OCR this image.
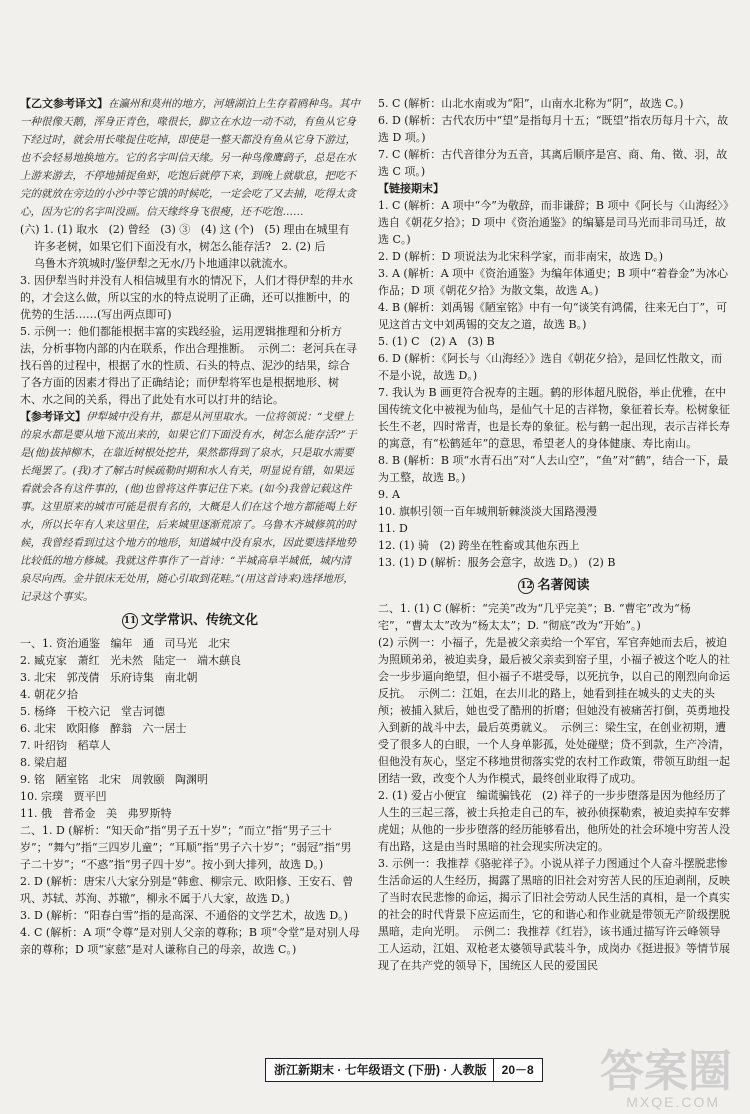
【乙文参考译文】在瀛州和莫州的地方，河塘湖泊上生存着鸥种鸟。其中一种很像天鹅，浑身正青色，喙很长，脚立在水边一动不动，有鱼从它身下经过时，就会用长喙捉住吃掉，即使是一整天都没有鱼从它身下游过，也不会轻易地换地方。它的名字叫信天缘。另一种鸟像鹰鹞子，总是在水上游来游去，不停地捕捉鱼虾，吃饱后就停下来，到晚上就歇息，把吃不完的就放在旁边的小沙中等它饿的时候吃，一定会吃了又去捕，吃得太贪心，因为它的名字叫没画。信天缘终身飞很瘦，还不吃饱……

(六) 1. (1) 取水   (2) 曾经   (3) ③   (4) 这 (个)   (5) 理由在城里有

许多老树，如果它们下面没有水，树怎么能存活?   2. (2) 后

乌鲁木齐筑城时/鉴伊犁之无水/乃卜地通津以就流水。

3. 因伊犁当时并没有人相信城里有水的情况下，人们才得伊犁的井水的，才会这么做，所以宝的水的特点说明了正确，还可以推断中，的优势的生活……(写出两点即可)

5. 示例一：他们都能根据丰富的实践经验，运用逻辑推理和分析方法，分析事物内部的内在联系，作出合理推断。  示例二：老河兵在寻找石兽的过程中，根据了水的性质、石头的特点、泥沙的结果，综合了各方面的因素才得出了正确结论；而伊犁将军也是根据地形、树木、水之间的关系，得出了此处有水可以打井的结论。

【参考译文】伊犁城中没有井，都是从河里取水。一位将领说：“戈壁上的泉水都是要从地下流出来的，如果它们下面没有水，树怎么能存活?”于是(他)拔掉柳木，在靠近树根处挖井，果然都得到了泉水，只是取水需要长绳罢了。(我)才了解古时候疏勒时期和水人有关，明显说有错，如果远看就会各有这件事的，(他)也曾将这件事记住下来。(如今)我曾记载这件事。这里原来的城市可能是很有名的，大概是人们在这个地方都能喝上好水，所以长年有人来这里住，后来城里逐渐荒凉了。乌鲁木齐城修筑的时候，我曾经看到过这个地方的地形，知道城中没有泉水，因此要选择地势比较低的地方修城。我就这件事作了一首诗：“半城高阜半城低，城内清泉尽向西。金井银床无处用，随心引取到花畦。”(用这首诗来)选择地形，记录这个事实。

11 文学常识、传统文化

一、1. 资治通鉴   编年   通   司马光   北宋

2. 臧克家   萧红   光未然   陆定一   端木蕻良

3. 北宋   郭茂倩   乐府诗集   南北朝

4. 朝花夕拾

5. 杨绛   干校六记   堂吉诃德

6. 北宋   欧阳修   醉翁   六一居士

7. 叶绍钧   稻草人

8. 梁启超

9. 铭   陋室铭   北宋   周敦颐   陶渊明

10. 宗璞   贾平凹

11. 俄   普希金   美   弗罗斯特

二、1. D (解析：“知天命”指“男子五十岁”；“而立”指“男子三十岁”；“舞勺”指“三四岁儿童”；“耳顺”指“男子六十岁”；“弱冠”指“男子二十岁”；“不惑”指“男子四十岁”。按小到大排列，故选 D。)

2. D (解析：唐宋八大家分别是“韩愈、柳宗元、欧阳修、王安石、曾巩、苏轼、苏洵、苏辙”，柳永不属于八大家，故选 D。)

3. D (解析：“阳春白雪”指的是高深、不通俗的文学艺术，故选 D。)

4. C (解析：A 项“令尊”是对别人父亲的尊称；B 项“令堂”是对别人母亲的尊称；D 项“家慈”是对人谦称自己的母亲，故选 C。)

5. C (解析：山北水南或为“阳”，山南水北称为“阴”，故选 C。)

6. D (解析：古代农历中“望”是指每月十五；“既望”指农历每月十六，故选 D 项。)

7. C (解析：古代音律分为五音，其离后顺序是宫、商、角、徵、羽，故选 C 项。)

【链接期末】

1. C (解析：A 项中“今”为敬辞，而非谦辞；B 项中《阿长与〈山海经〉》选自《朝花夕拾》；D 项中《资治通鉴》的编纂是司马光而非司马迁，故选 C。)

2. D (解析：D 项说法为北宋科学家，而非南宋，故选 D。)

3. A (解析：A 项中《资治通鉴》为编年体通史；B 项中“着眷金”为冰心作品；D 项《朝花夕拾》为散文集，故选 A。)

4. B (解析：刘禹锡《陋室铭》中有一句“谈笑有鸿儒，往来无白丁”，可见这首古文中刘禹锡的交友之道，故选 B。)

5. (1) C   (2) A   (3) B

6. D (解析：《阿长与〈山海经〉》选自《朝花夕拾》，是回忆性散文，而不是小说，故选 D。)

7. 我认为 B 画更符合祝寿的主题。鹤的形体超凡脱俗，举止优雅，在中国传统文化中被视为仙鸟，是仙气十足的吉祥物，象征着长寿。松树象征长生不老，四时常青，也是长寿的象征。松与鹤一起出现，表示吉祥长寿的寓意，有“松鹤延年”的意思，希望老人的身体健康、寿比南山。

8. B (解析：B 项“水青石出”对“人去山空”，“鱼”对“鹤”，结合一下，最为工整，故选 B。)

9. A

10. 旗帜引领一百年城荆斩棘淡淡大国路漫漫

11. D

12. (1) 骑   (2) 跨坐在牲畜或其他东西上

13. (1) D (解析：服务会意字，故选 D。)   (2) B

12 名著阅读

二、1. (1) C (解析：“完美”改为“几乎完美”；B. “曹宅”改为“杨宅”，“曹太太”改为“杨太太”；D. “彻底”改为“开始”。)

(2) 示例一：小福子，先是被父亲卖给一个军官，军官奔她而去后，被迫为照顾弟弟，被迫卖身，最后被父亲卖到窑子里，小福子被这个吃人的社会一步步逼向绝望，但小福子不堪受辱，以死抗争，以自己的刚烈向命运反抗。  示例二：江姐，在去川北的路上，她看到挂在城头的丈夫的头颅；被捕入狱后，她也受了酷刑的折磨；但她没有被痛苦打倒，英勇地投入到新的战斗中去，最后英勇就义。  示例三：梁生宝，在创业初期，遭受了很多人的白眼，一个人身单影孤，处处碰壁；贷不到款，生产冷清，但他没有灰心，坚定不移地贯彻落实党的农村工作政策，带领互助组一起团结一致，改变个人为作模式，最终创业取得了成功。

2. (1) 爱占小便宜   编谎骗钱花   (2) 祥子的一步步堕落是因为他经历了人生的三起三落，被士兵抢走自己的车，被孙侦探勒索，被迫卖掉车安葬虎妞；从他的一步步堕落的经历能够看出，他所处的社会环境中穷苦人没有出路，这是由当时黑暗的社会现实所决定的。

3. 示例一：我推荐《骆驼祥子》。小说从祥子力图通过个人奋斗摆脱悲惨生活命运的人生经历，揭露了黑暗的旧社会对穷苦人民的压迫剥削，反映了当时农民悲惨的命运，揭示了旧社会劳动人民生活的真相，是一个真实的社会的时代背景下应运而生，它的和谐心和作业就是带领无产阶级摆脱黑暗，走向光明。  示例二：我推荐《红岩》，该书通过描写许云峰领导工人运动，江姐、双枪老太婆领导武装斗争，成岗办《挺进报》等情节展现了在共产党的领导下，国统区人民的爱国民

浙江新期末 · 七年级语文 (下册) · 人教版 20－8 答案圈
MXQE.COM
